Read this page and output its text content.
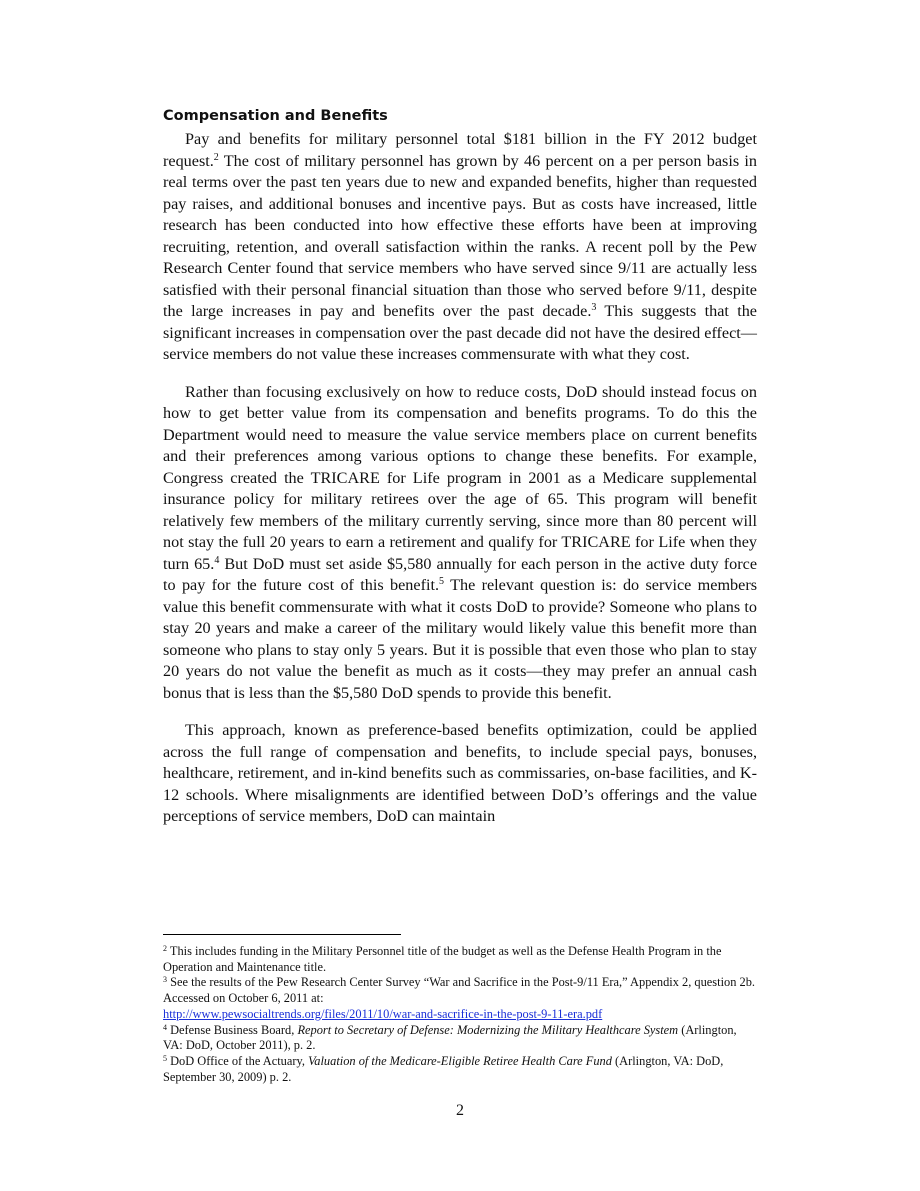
Compensation and Benefits

Pay and benefits for military personnel total $181 billion in the FY 2012 budget request.$^2$ The cost of military personnel has grown by 46 percent on a per person basis in real terms over the past ten years due to new and expanded benefits, higher than requested pay raises, and additional bonuses and incentive pays. But as costs have increased, little research has been conducted into how effective these efforts have been at improving recruiting, retention, and overall satisfaction within the ranks. A recent poll by the Pew Research Center found that service members who have served since 9/11 are actually less satisfied with their personal financial situation than those who served before 9/11, despite the large increases in pay and benefits over the past decade.$^3$ This suggests that the significant increases in compensation over the past decade did not have the desired effect—service members do not value these increases commensurate with what they cost.

Rather than focusing exclusively on how to reduce costs, DoD should instead focus on how to get better value from its compensation and benefits programs. To do this the Department would need to measure the value service members place on current benefits and their preferences among various options to change these benefits. For example, Congress created the TRICARE for Life program in 2001 as a Medicare supplemental insurance policy for military retirees over the age of 65. This program will benefit relatively few members of the military currently serving, since more than 80 percent will not stay the full 20 years to earn a retirement and qualify for TRICARE for Life when they turn 65.$^4$ But DoD must set aside $5,580 annually for each person in the active duty force to pay for the future cost of this benefit.$^5$ The relevant question is: do service members value this benefit commensurate with what it costs DoD to provide? Someone who plans to stay 20 years and make a career of the military would likely value this benefit more than someone who plans to stay only 5 years. But it is possible that even those who plan to stay 20 years do not value the benefit as much as it costs—they may prefer an annual cash bonus that is less than the $5,580 DoD spends to provide this benefit.

This approach, known as preference-based benefits optimization, could be applied across the full range of compensation and benefits, to include special pays, bonuses, healthcare, retirement, and in-kind benefits such as commissaries, on-base facilities, and K-12 schools. Where misalignments are identified between DoD’s offerings and the value perceptions of service members, DoD can maintain

$^2$ This includes funding in the Military Personnel title of the budget as well as the Defense Health Program in the Operation and Maintenance title.

$^3$ See the results of the Pew Research Center Survey “War and Sacrifice in the Post-9/11 Era,” Appendix 2, question 2b. Accessed on October 6, 2011 at:
http://www.pewsocialtrends.org/files/2011/10/war-and-sacrifice-in-the-post-9-11-era.pdf

$^4$ Defense Business Board, Report to Secretary of Defense: Modernizing the Military Healthcare System (Arlington, VA: DoD, October 2011), p. 2.

$^5$ DoD Office of the Actuary, Valuation of the Medicare-Eligible Retiree Health Care Fund (Arlington, VA: DoD, September 30, 2009) p. 2.

2
